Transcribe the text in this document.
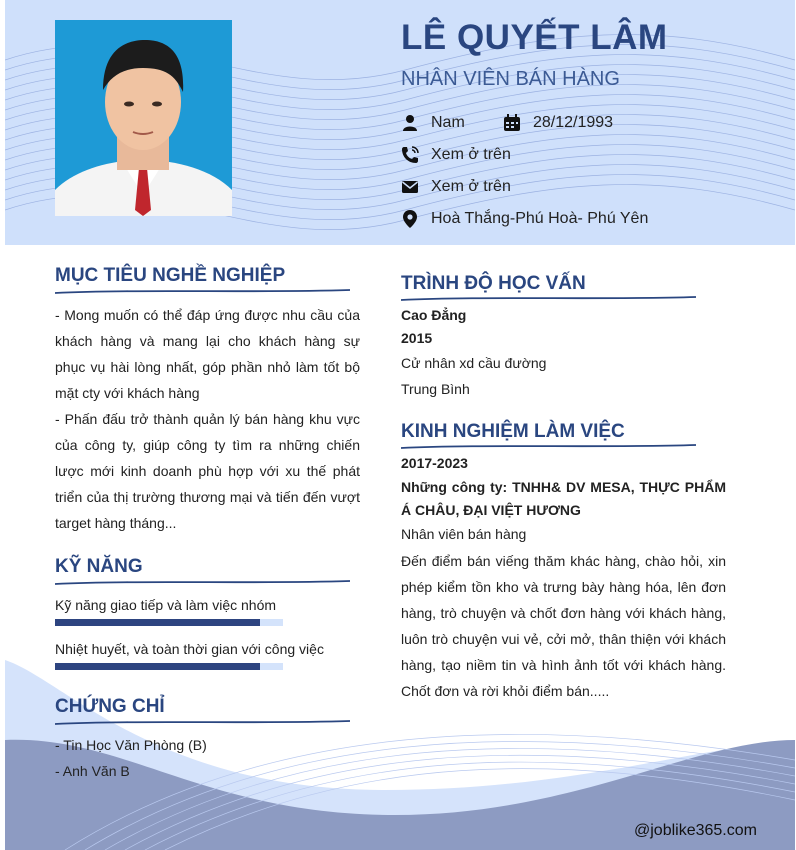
LÊ QUYẾT LÂM
NHÂN VIÊN BÁN HÀNG
Nam	28/12/1993
Xem ở trên
Xem ở trên
Hoà Thắng-Phú Hoà- Phú Yên
MỤC TIÊU NGHỀ NGHIỆP
- Mong muốn có thể đáp ứng được nhu cầu của khách hàng và mang lại cho khách hàng sự phục vụ hài lòng nhất, góp phần nhỏ làm tốt bộ mặt cty với khách hàng
- Phấn đấu trở thành quản lý bán hàng khu vực của công ty, giúp công ty tìm ra những chiến lược mới kinh doanh phù hợp với xu thế phát triển của thị trường thương mại và tiến đến vượt target hàng tháng...
KỸ NĂNG
Kỹ năng giao tiếp và làm việc nhóm
Nhiệt huyết, và toàn thời gian với công việc
CHỨNG CHỈ
- Tin Học Văn Phòng (B)
- Anh Văn B
TRÌNH ĐỘ HỌC VẤN
Cao Đẳng
2015
Cử nhân xd cầu đường
Trung Bình
KINH NGHIỆM LÀM VIỆC
2017-2023
Những công ty: TNHH& DV MESA, THỰC PHẨM Á CHÂU, ĐẠI VIỆT HƯƠNG
Nhân viên bán hàng
Đến điểm bán viếng thăm khác hàng, chào hỏi, xin phép kiểm tồn kho và trưng bày hàng hóa, lên đơn hàng, trò chuyện và chốt đơn hàng với khách hàng, luôn trò chuyện vui vẻ, cởi mở, thân thiện với khách hàng, tạo niềm tin và hình ảnh tốt với khách hàng. Chốt đơn và rời khỏi điểm bán.....
@joblike365.com
